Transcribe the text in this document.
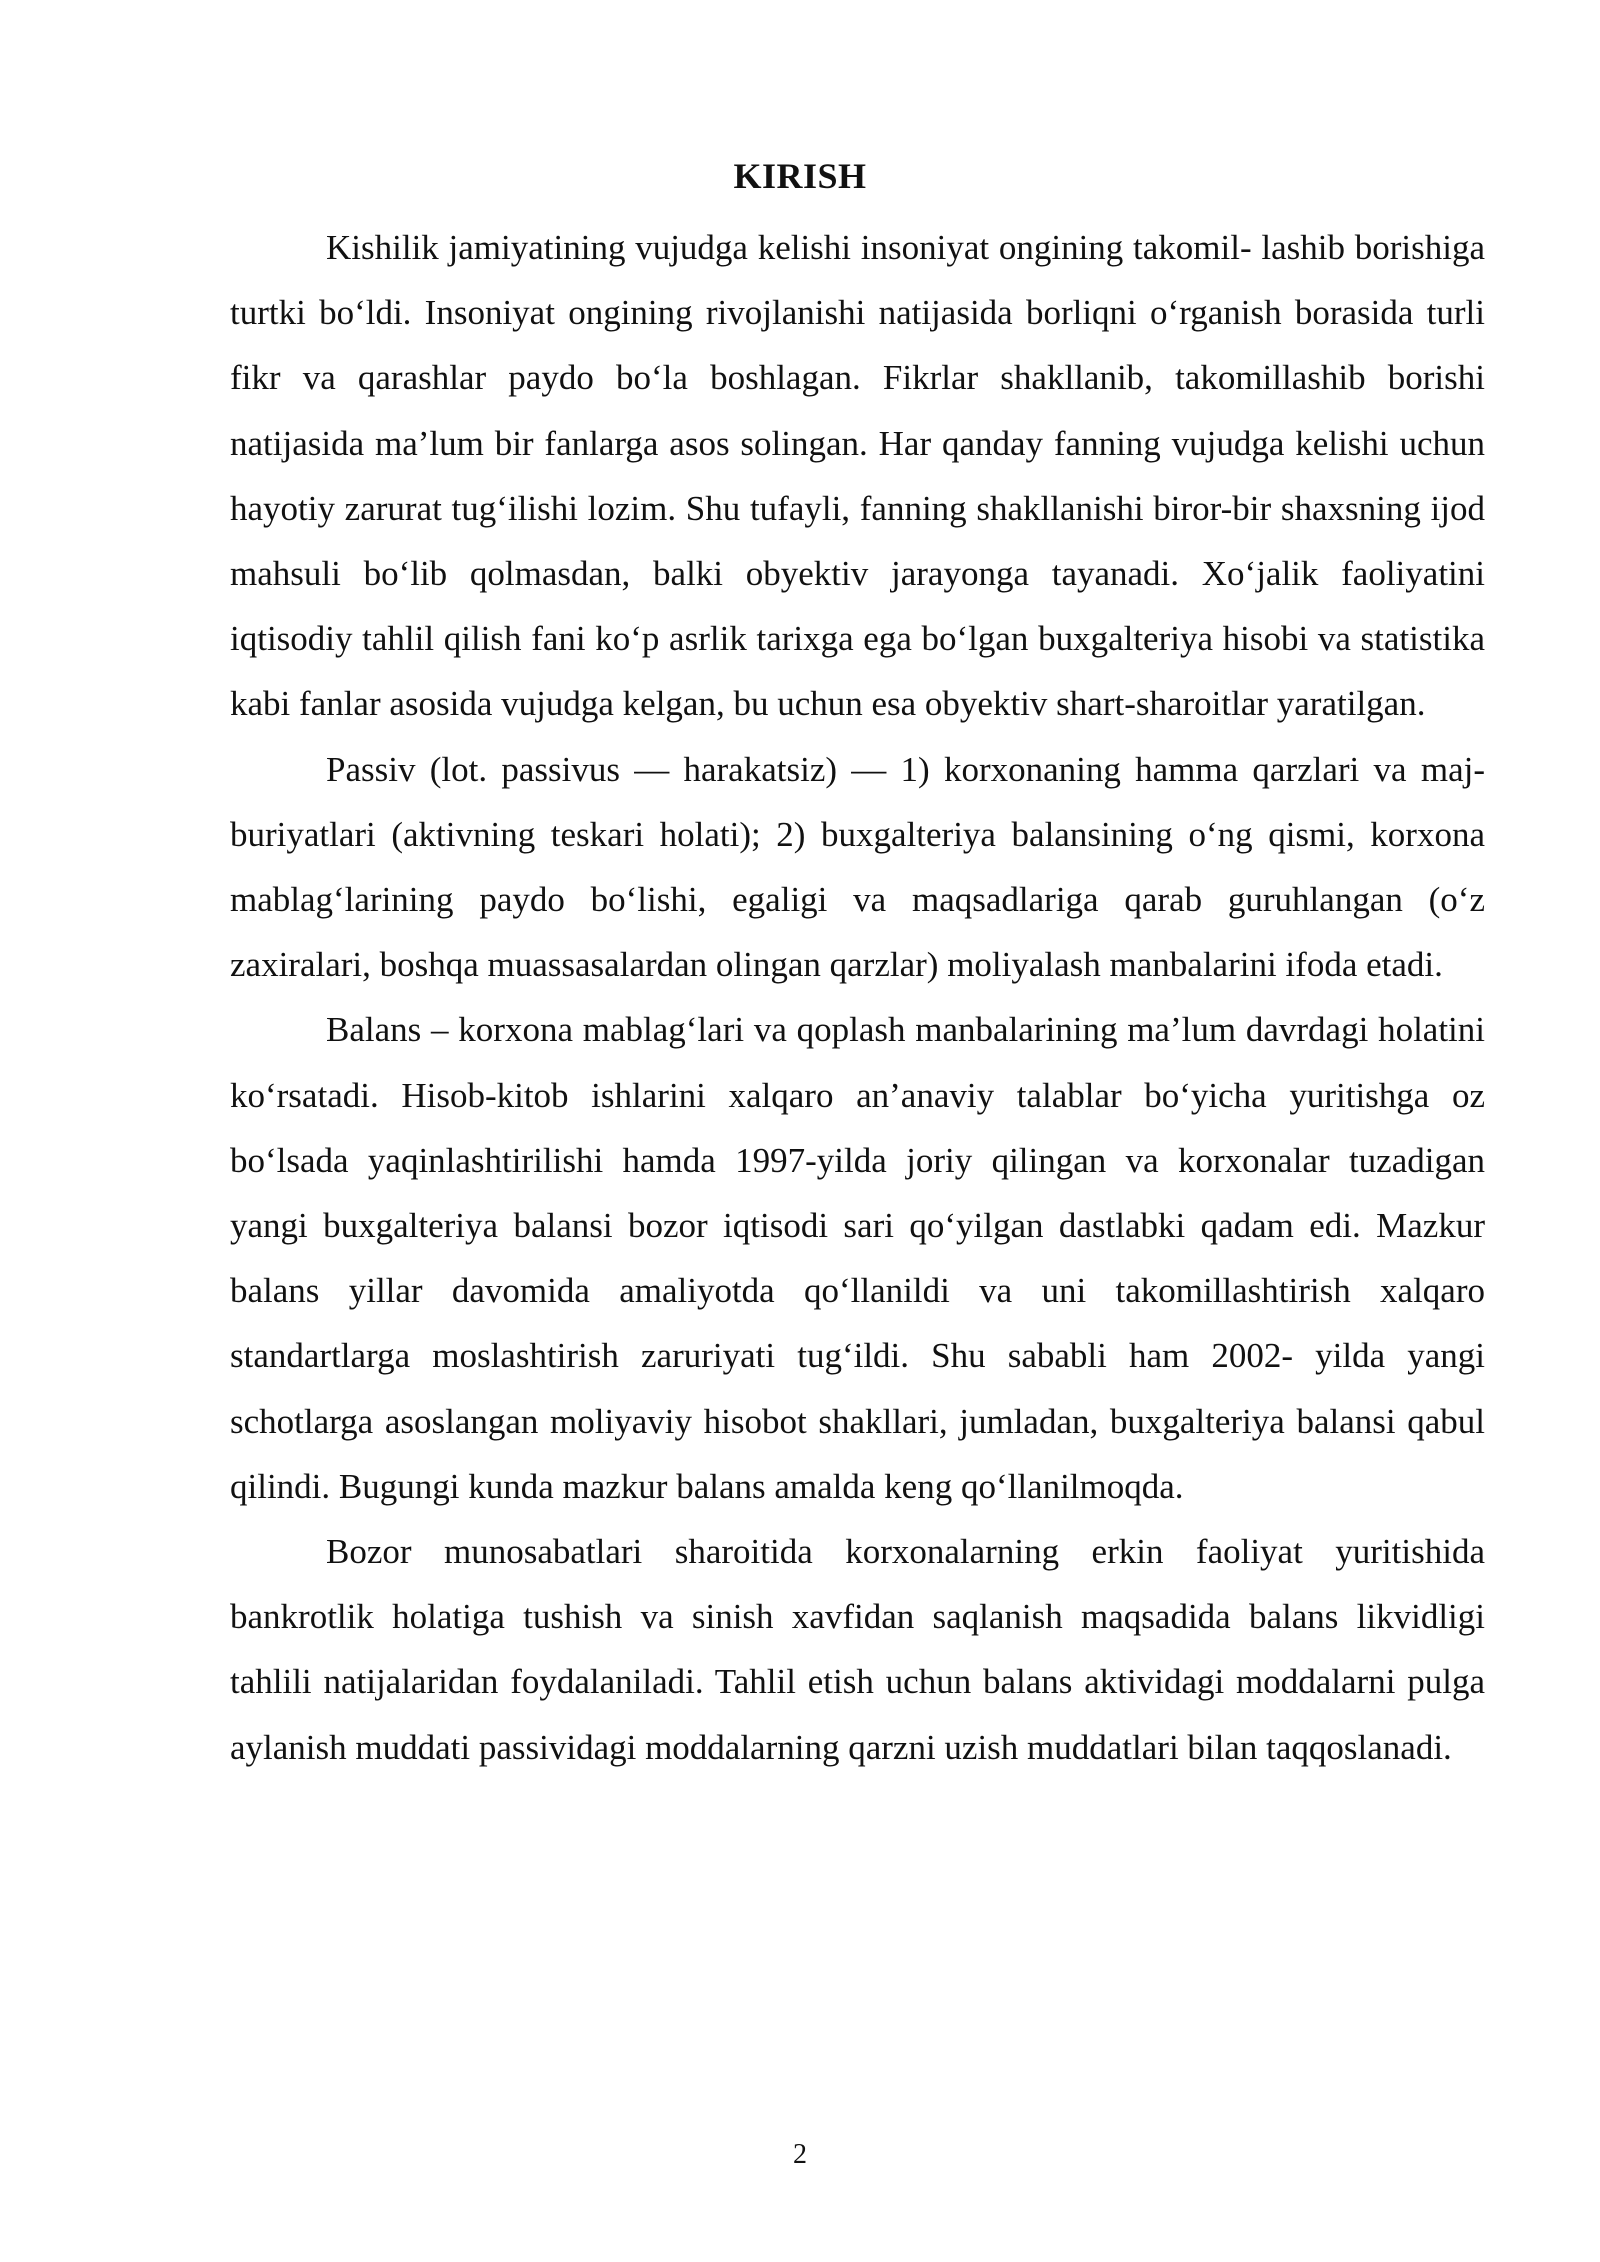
KIRISH

Kishilik jamiyatining vujudga kelishi insoniyat ongining takomil- lashib borishiga turtki bo‘ldi. Insoniyat ongining rivojlanishi natijasida borliqni o‘rganish borasida turli fikr va qarashlar paydo bo‘la boshlagan. Fikrlar shakllanib, takomillashib borishi natijasida ma’lum bir fanlarga asos solingan. Har qanday fanning vujudga kelishi uchun hayotiy zarurat tug‘ilishi lozim. Shu tufayli, fanning shakllanishi biror-bir shaxsning ijod mahsuli bo‘lib qolmasdan, balki obyektiv jarayonga tayanadi. Xo‘jalik faoliyatini iqtisodiy tahlil qilish fani ko‘p asrlik tarixga ega bo‘lgan buxgalteriya hisobi va statistika kabi fanlar asosida vujudga kelgan, bu uchun esa obyektiv shart-sharoitlar yaratilgan.

Passiv (lot. passivus — harakatsiz) — 1) korxonaning hamma qarzlari va maj- buriyatlari (aktivning teskari holati); 2) buxgalteriya balansining o‘ng qismi, korxona mablag‘larining paydo bo‘lishi, egaligi va maqsadlariga qarab guruhlangan (o‘z zaxiralari, boshqa muassasalardan olingan qarzlar) moliyalash manbalarini ifoda etadi.

Balans – korxona mablag‘lari va qoplash manbalarining ma’lum davrdagi holatini ko‘rsatadi. Hisob-kitob ishlarini xalqaro an’anaviy talablar bo‘yicha yuritishga oz bo‘lsada yaqinlashtirilishi hamda 1997-yilda joriy qilingan va korxonalar tuzadigan yangi buxgalteriya balansi bozor iqtisodi sari qo‘yilgan dastlabki qadam edi. Mazkur balans yillar davomida amaliyotda qo‘llanildi va uni takomillashtirish xalqaro standartlarga moslashtirish zaruriyati tug‘ildi. Shu sababli ham 2002- yilda yangi schotlarga asoslangan moliyaviy hisobot shakllari, jumladan, buxgalteriya balansi qabul qilindi. Bugungi kunda mazkur balans amalda keng qo‘llanilmoqda.

Bozor munosabatlari sharoitida korxonalarning erkin faoliyat yuritishida bankrotlik holatiga tushish va sinish xavfidan saqlanish maqsadida balans likvidligi tahlili natijalaridan foydalaniladi. Tahlil etish uchun balans aktividagi moddalarni pulga aylanish muddati passividagi moddalarning qarzni uzish muddatlari bilan taqqoslanadi.

2
